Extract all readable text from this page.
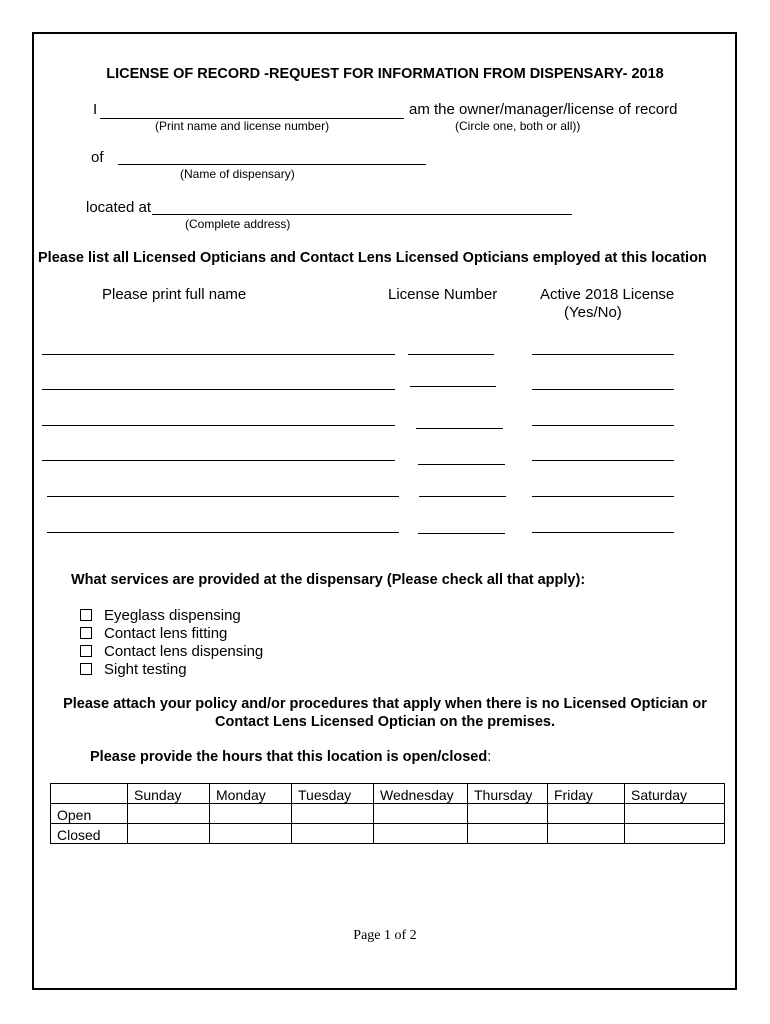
LICENSE OF RECORD -REQUEST FOR INFORMATION FROM DISPENSARY- 2018
I	am the owner/manager/license of record
(Print name and license number)	(Circle one, both or all))
of
(Name of dispensary)
located at
(Complete address)
Please list all Licensed Opticians and Contact Lens Licensed Opticians employed at this location
Please print full name	License Number	Active 2018 License
(Yes/No)
What services are provided at the dispensary (Please check all that apply):
Eyeglass dispensing
Contact lens fitting
Contact lens dispensing
Sight testing
Please attach your policy and/or procedures that apply when there is no Licensed Optician or
Contact Lens Licensed Optician on the premises.
Please provide the hours that this location is open/closed:
	Sunday	Monday	Tuesday	Wednesday	Thursday	Friday	Saturday
Open							
Closed							
Page 1 of 2
